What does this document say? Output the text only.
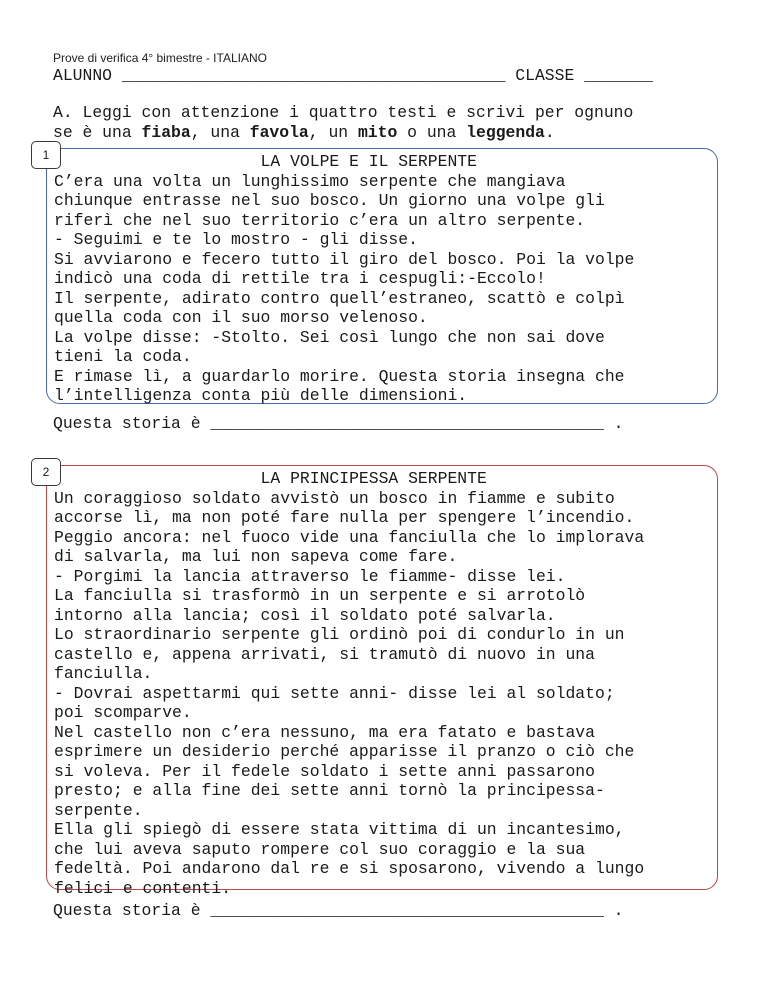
Prove di verifica 4° bimestre - ITALIANO
ALUNNO _______________________________________ CLASSE _______
A. Leggi con attenzione i quattro testi e scrivi per ognuno
se è una fiaba, una favola, un mito o una leggenda.
1 LA VOLPE E IL SERPENTE
C’era una volta un lunghissimo serpente che mangiava
chiunque entrasse nel suo bosco. Un giorno una volpe gli
riferì che nel suo territorio c’era un altro serpente.
- Seguimi e te lo mostro - gli disse.
Si avviarono e fecero tutto il giro del bosco. Poi la volpe
indicò una coda di rettile tra i cespugli:-Eccolo!
Il serpente, adirato contro quell’estraneo, scattò e colpì
quella coda con il suo morso velenoso.
La volpe disse: -Stolto. Sei così lungo che non sai dove
tieni la coda.
E rimase lì, a guardarlo morire. Questa storia insegna che
l’intelligenza conta più delle dimensioni.
Questa storia è ________________________________________ .
2 LA PRINCIPESSA SERPENTE
Un coraggioso soldato avvistò un bosco in fiamme e subito
accorse lì, ma non poté fare nulla per spengere l’incendio.
Peggio ancora: nel fuoco vide una fanciulla che lo implorava
di salvarla, ma lui non sapeva come fare.
- Porgimi la lancia attraverso le fiamme- disse lei.
La fanciulla si trasformò in un serpente e si arrotolò
intorno alla lancia; così il soldato poté salvarla.
Lo straordinario serpente gli ordinò poi di condurlo in un
castello e, appena arrivati, si tramutò di nuovo in una
fanciulla.
- Dovrai aspettarmi qui sette anni- disse lei al soldato;
poi scomparve.
Nel castello non c’era nessuno, ma era fatato e bastava
esprimere un desiderio perché apparisse il pranzo o ciò che
si voleva. Per il fedele soldato i sette anni passarono
presto; e alla fine dei sette anni tornò la principessa-
serpente.
Ella gli spiegò di essere stata vittima di un incantesimo,
che lui aveva saputo rompere col suo coraggio e la sua
fedeltà. Poi andarono dal re e si sposarono, vivendo a lungo
felici e contenti.
Questa storia è ________________________________________ .
